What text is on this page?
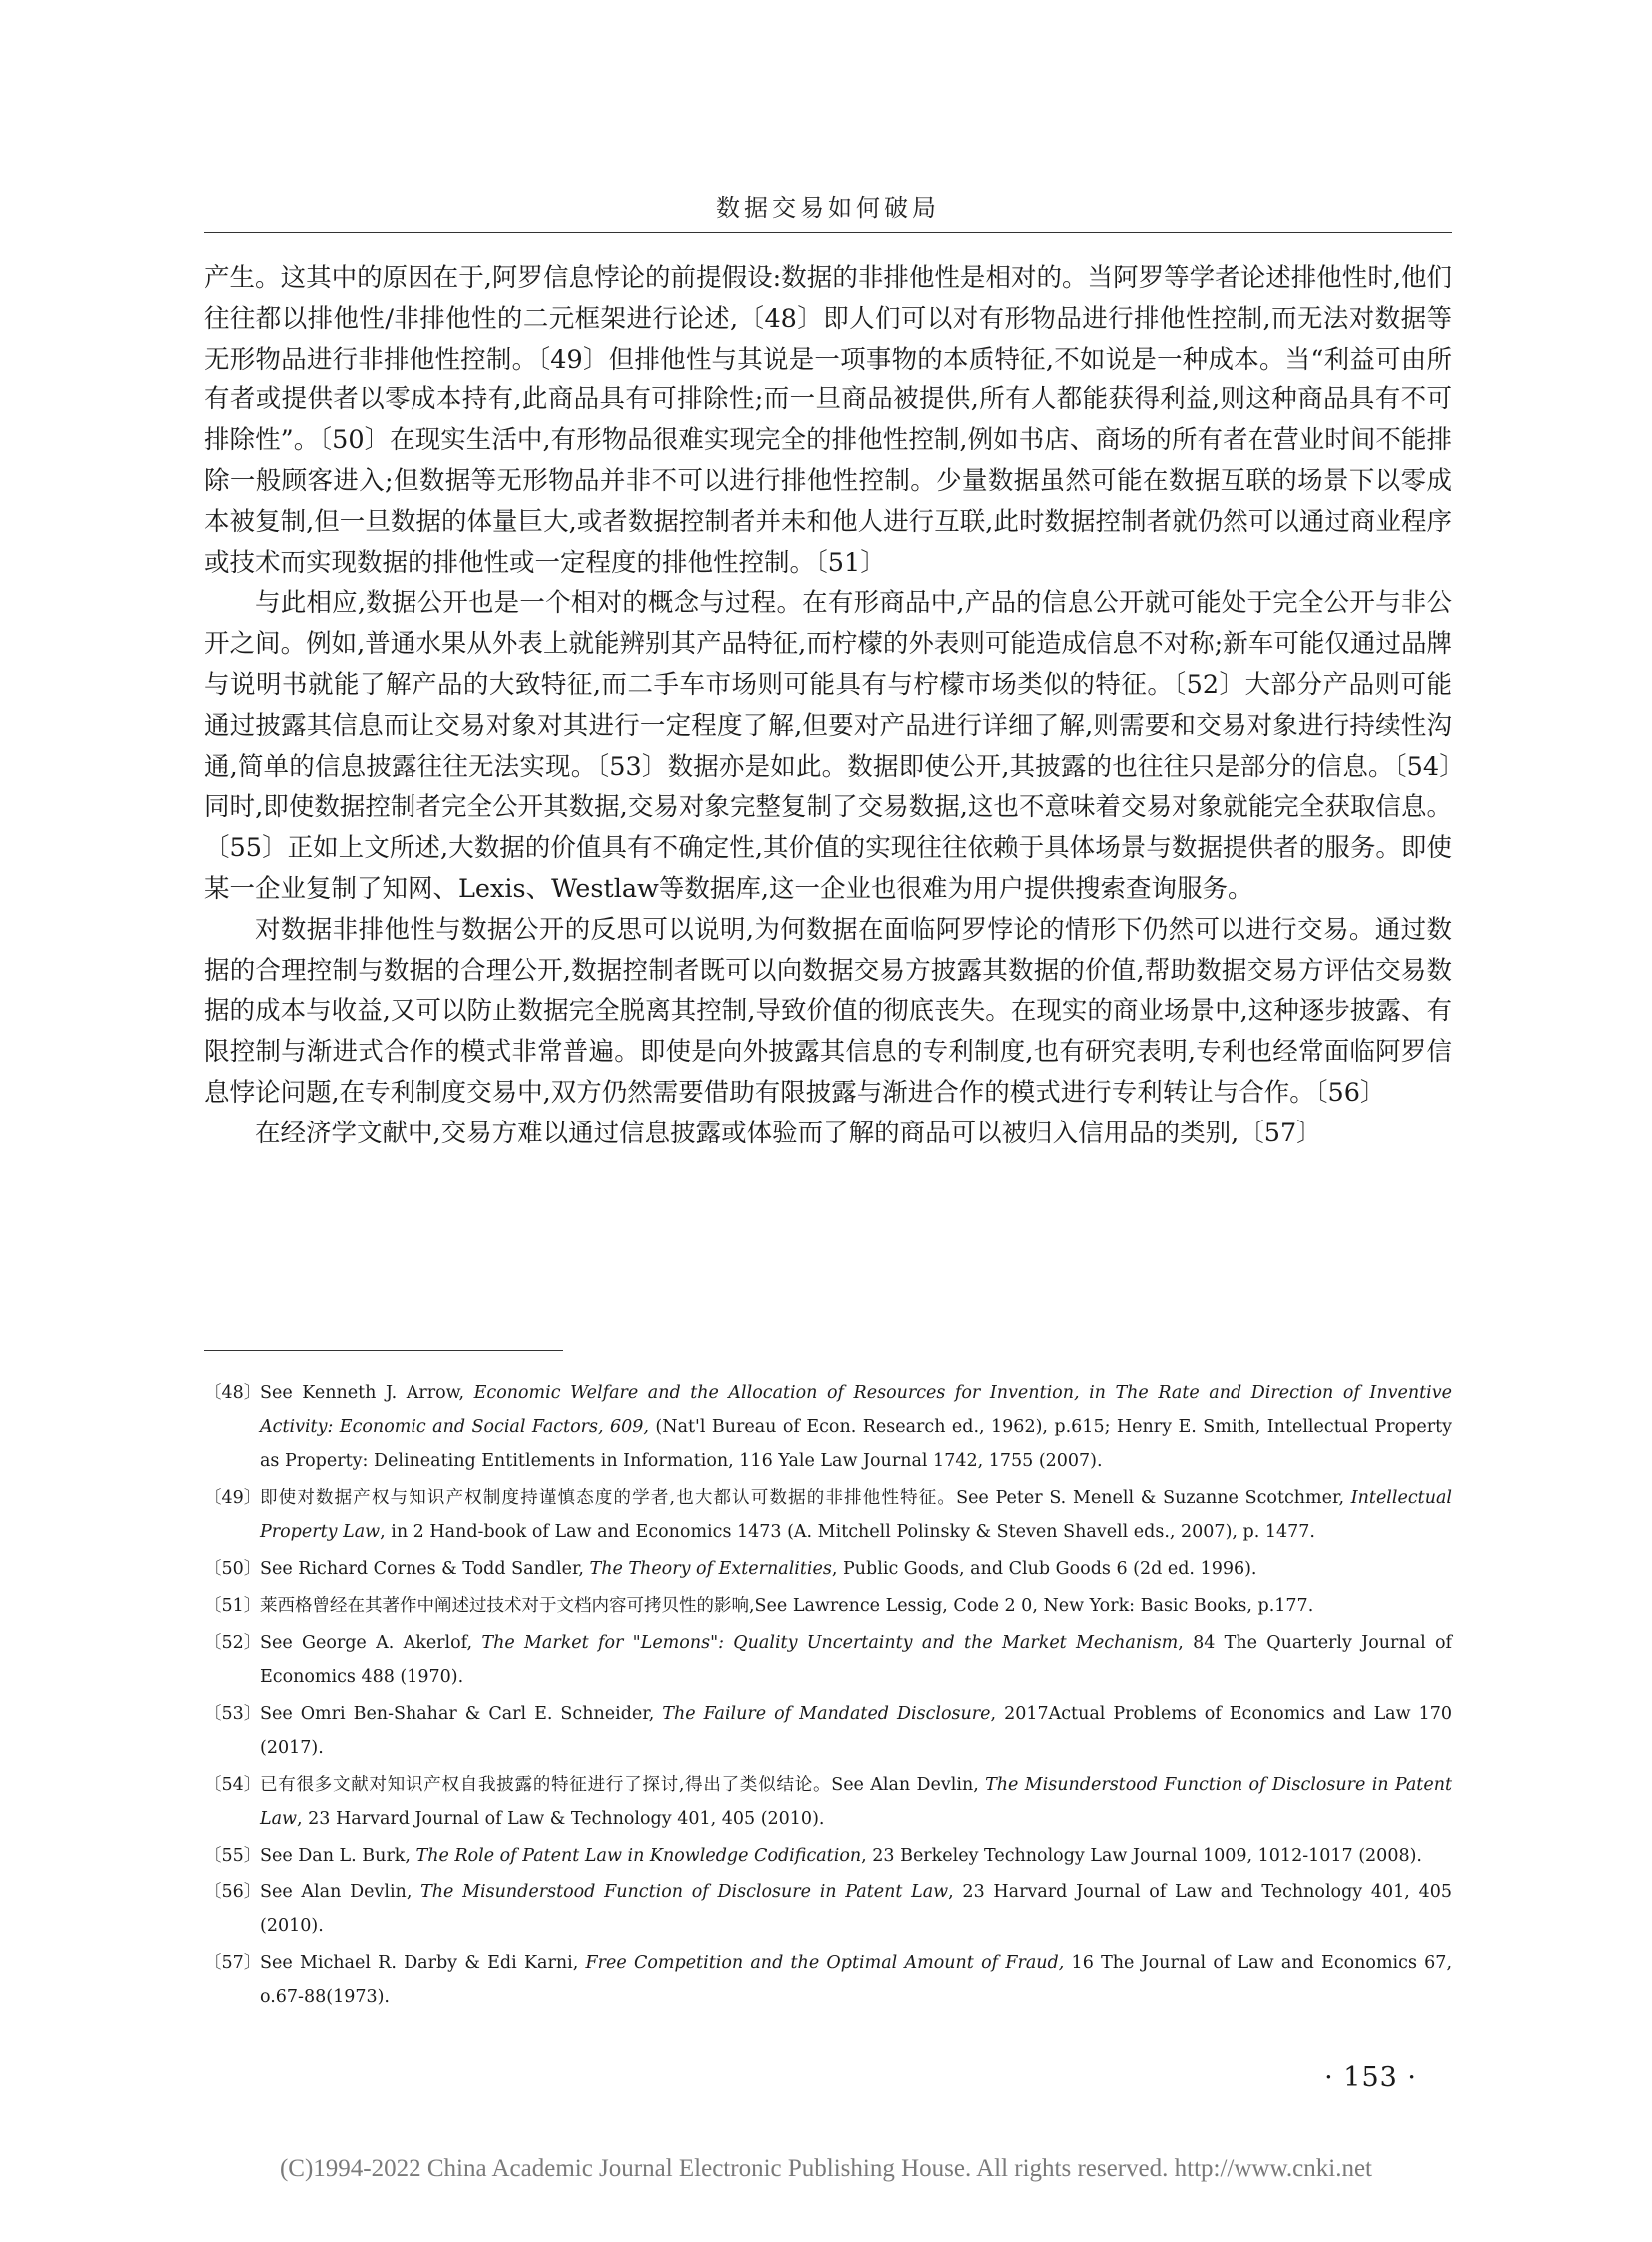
数据交易如何破局

产生。这其中的原因在于,阿罗信息悖论的前提假设:数据的非排他性是相对的。当阿罗等学者论述排他性时,他们往往都以排他性/非排他性的二元框架进行论述,〔48〕即人们可以对有形物品进行排他性控制,而无法对数据等无形物品进行非排他性控制。〔49〕但排他性与其说是一项事物的本质特征,不如说是一种成本。当“利益可由所有者或提供者以零成本持有,此商品具有可排除性;而一旦商品被提供,所有人都能获得利益,则这种商品具有不可排除性”。〔50〕在现实生活中,有形物品很难实现完全的排他性控制,例如书店、商场的所有者在营业时间不能排除一般顾客进入;但数据等无形物品并非不可以进行排他性控制。少量数据虽然可能在数据互联的场景下以零成本被复制,但一旦数据的体量巨大,或者数据控制者并未和他人进行互联,此时数据控制者就仍然可以通过商业程序或技术而实现数据的排他性或一定程度的排他性控制。〔51〕

与此相应,数据公开也是一个相对的概念与过程。在有形商品中,产品的信息公开就可能处于完全公开与非公开之间。例如,普通水果从外表上就能辨别其产品特征,而柠檬的外表则可能造成信息不对称;新车可能仅通过品牌与说明书就能了解产品的大致特征,而二手车市场则可能具有与柠檬市场类似的特征。〔52〕大部分产品则可能通过披露其信息而让交易对象对其进行一定程度了解,但要对产品进行详细了解,则需要和交易对象进行持续性沟通,简单的信息披露往往无法实现。〔53〕数据亦是如此。数据即使公开,其披露的也往往只是部分的信息。〔54〕同时,即使数据控制者完全公开其数据,交易对象完整复制了交易数据,这也不意味着交易对象就能完全获取信息。〔55〕正如上文所述,大数据的价值具有不确定性,其价值的实现往往依赖于具体场景与数据提供者的服务。即使某一企业复制了知网、Lexis、Westlaw等数据库,这一企业也很难为用户提供搜索查询服务。

对数据非排他性与数据公开的反思可以说明,为何数据在面临阿罗悖论的情形下仍然可以进行交易。通过数据的合理控制与数据的合理公开,数据控制者既可以向数据交易方披露其数据的价值,帮助数据交易方评估交易数据的成本与收益,又可以防止数据完全脱离其控制,导致价值的彻底丧失。在现实的商业场景中,这种逐步披露、有限控制与渐进式合作的模式非常普遍。即使是向外披露其信息的专利制度,也有研究表明,专利也经常面临阿罗信息悖论问题,在专利制度交易中,双方仍然需要借助有限披露与渐进合作的模式进行专利转让与合作。〔56〕

在经济学文献中,交易方难以通过信息披露或体验而了解的商品可以被归入信用品的类别,〔57〕

〔48〕
See Kenneth J. Arrow, Economic Welfare and the Allocation of Resources for Invention, in The Rate and Direction of Inventive Activity: Economic and Social Factors, 609, (Nat'l Bureau of Econ. Research ed., 1962), p.615; Henry E. Smith, Intellectual Property as Property: Delineating Entitlements in Information, 116 Yale Law Journal 1742, 1755 (2007).
〔49〕
即使对数据产权与知识产权制度持谨慎态度的学者,也大都认可数据的非排他性特征。See Peter S. Menell & Suzanne Scotchmer, Intellectual Property Law, in 2 Hand-book of Law and Economics 1473 (A. Mitchell Polinsky & Steven Shavell eds., 2007), p. 1477.
〔50〕
See Richard Cornes & Todd Sandler, The Theory of Externalities, Public Goods, and Club Goods 6 (2d ed. 1996).
〔51〕
莱西格曾经在其著作中阐述过技术对于文档内容可拷贝性的影响,See Lawrence Lessig, Code 2 0, New York: Basic Books, p.177.
〔52〕
See George A. Akerlof, The Market for "Lemons": Quality Uncertainty and the Market Mechanism, 84 The Quarterly Journal of Economics 488 (1970).
〔53〕
See Omri Ben-Shahar & Carl E. Schneider, The Failure of Mandated Disclosure, 2017Actual Problems of Economics and Law 170 (2017).
〔54〕
已有很多文献对知识产权自我披露的特征进行了探讨,得出了类似结论。See Alan Devlin, The Misunderstood Function of Disclosure in Patent Law, 23 Harvard Journal of Law & Technology 401, 405 (2010).
〔55〕
See Dan L. Burk, The Role of Patent Law in Knowledge Codification, 23 Berkeley Technology Law Journal 1009, 1012-1017 (2008).
〔56〕
See Alan Devlin, The Misunderstood Function of Disclosure in Patent Law, 23 Harvard Journal of Law and Technology 401, 405 (2010).
〔57〕
See Michael R. Darby & Edi Karni, Free Competition and the Optimal Amount of Fraud, 16 The Journal of Law and Economics 67, o.67-88(1973).
· 153 ·
(C)1994-2022 China Academic Journal Electronic Publishing House. All rights reserved. http://www.cnki.net
